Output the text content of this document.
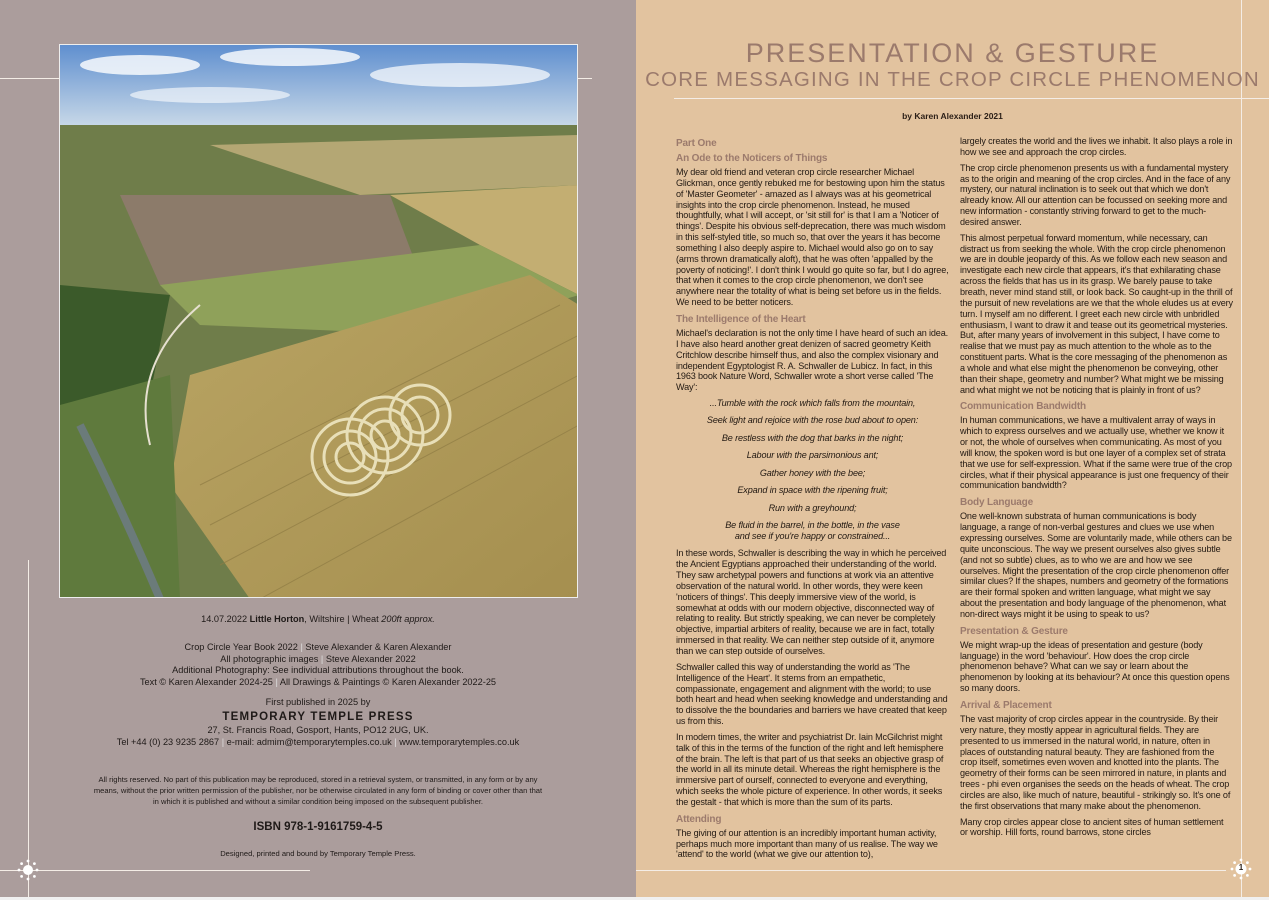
14.07.2022 Little Horton, Wiltshire | Wheat 200ft approx.
Crop Circle Year Book 2022 | Steve Alexander & Karen Alexander
All photographic images | Steve Alexander 2022
Additional Photography: See individual attributions throughout the book.
Text © Karen Alexander 2024-25 | All Drawings & Paintings © Karen Alexander 2022-25
First published in 2025 by
TEMPORARY TEMPLE PRESS
27, St. Francis Road, Gosport, Hants, PO12 2UG, UK.
Tel +44 (0) 23 9235 2867 | e-mail: admim@temporarytemples.co.uk | www.temporarytemples.co.uk
All rights reserved. No part of this publication may be reproduced, stored in a retrieval system, or transmitted, in any form or by any means, without the prior written permission of the publisher, nor be otherwise circulated in any form of binding or cover other than that in which it is published and without a similar condition being imposed on the subsequent publisher.
ISBN 978-1-9161759-4-5
Designed, printed and bound by Temporary Temple Press.
PRESENTATION & GESTURE
CORE MESSAGING IN THE CROP CIRCLE PHENOMENON
by Karen Alexander 2021
Part One
An Ode to the Noticers of Things

My dear old friend and veteran crop circle researcher Michael Glickman, once gently rebuked me for bestowing upon him the status of 'Master Geometer' - amazed as I always was at his geometrical insights into the crop circle phenomenon. Instead, he mused thoughtfully, what I will accept, or 'sit still for' is that I am a 'Noticer of things'. Despite his obvious self-deprecation, there was much wisdom in this self-styled title, so much so, that over the years it has become something I also deeply aspire to. Michael would also go on to say (arms thrown dramatically aloft), that he was often 'appalled by the poverty of noticing!'. I don't think I would go quite so far, but I do agree, that when it comes to the crop circle phenomenon, we don't see anywhere near the totality of what is being set before us in the fields. We need to be better noticers.

The Intelligence of the Heart

Michael's declaration is not the only time I have heard of such an idea. I have also heard another great denizen of sacred geometry Keith Critchlow describe himself thus, and also the complex visionary and independent Egyptologist R. A. Schwaller de Lubicz. In fact, in this 1963 book Nature Word, Schwaller wrote a short verse called 'The Way':

...Tumble with the rock which falls from the mountain,
Seek light and rejoice with the rose bud about to open:
Be restless with the dog that barks in the night;
Labour with the parsimonious ant;
Gather honey with the bee;
Expand in space with the ripening fruit;
Run with a greyhound;
Be fluid in the barrel, in the bottle, in the vase
and see if you're happy or constrained...

In these words, Schwaller is describing the way in which he perceived the Ancient Egyptians approached their understanding of the world. They saw archetypal powers and functions at work via an attentive observation of the natural world. In other words, they were keen 'noticers of things'. This deeply immersive view of the world, is somewhat at odds with our modern objective, disconnected way of relating to reality. But strictly speaking, we can never be completely objective, impartial arbiters of reality, because we are in fact, totally immersed in that reality. We can neither step outside of it, anymore than we can step outside of ourselves.

Schwaller called this way of understanding the world as 'The Intelligence of the Heart'. It stems from an empathetic, compassionate, engagement and alignment with the world; to use both heart and head when seeking knowledge and understanding and to dissolve the the boundaries and barriers we have created that keep us from this.

In modern times, the writer and psychiatrist Dr. Iain McGilchrist might talk of this in the terms of the function of the right and left hemisphere of the brain. The left is that part of us that seeks an objective grasp of the world in all its minute detail. Whereas the right hemisphere is the immersive part of ourself, connected to everyone and everything, which seeks the whole picture of experience. In other words, it seeks the gestalt - that which is more than the sum of its parts.

Attending

The giving of our attention is an incredibly important human activity, perhaps much more important than many of us realise. The way we 'attend' to the world (what we give our attention to),

largely creates the world and the lives we inhabit. It also plays a role in how we see and approach the crop circles.

The crop circle phenomenon presents us with a fundamental mystery as to the origin and meaning of the crop circles. And in the face of any mystery, our natural inclination is to seek out that which we don't already know. All our attention can be focussed on seeking more and new information - constantly striving forward to get to the much-desired answer.

This almost perpetual forward momentum, while necessary, can distract us from seeking the whole. With the crop circle phenomenon we are in double jeopardy of this. As we follow each new season and investigate each new circle that appears, it's that exhilarating chase across the fields that has us in its grasp. We barely pause to take breath, never mind stand still, or look back. So caught-up in the thrill of the pursuit of new revelations are we that the whole eludes us at every turn. I myself am no different. I greet each new circle with unbridled enthusiasm, I want to draw it and tease out its geometrical mysteries. But, after many years of involvement in this subject, I have come to realise that we must pay as much attention to the whole as to the constituent parts. What is the core messaging of the phenomenon as a whole and what else might the phenomenon be conveying, other than their shape, geometry and number? What might we be missing and what might we not be noticing that is plainly in front of us?

Communication Bandwidth

In human communications, we have a multivalent array of ways in which to express ourselves and we actually use, whether we know it or not, the whole of ourselves when communicating. As most of you will know, the spoken word is but one layer of a complex set of strata that we use for self-expression. What if the same were true of the crop circles, what if their physical appearance is just one frequency of their communication bandwidth?

Body Language

One well-known substrata of human communications is body language, a range of non-verbal gestures and clues we use when expressing ourselves. Some are voluntarily made, while others can be quite unconscious. The way we present ourselves also gives subtle (and not so subtle) clues, as to who we are and how we see ourselves. Might the presentation of the crop circle phenomenon offer similar clues? If the shapes, numbers and geometry of the formations are their formal spoken and written language, what might we say about the presentation and body language of the phenomenon, what non-direct ways might it be using to speak to us?

Presentation & Gesture

We might wrap-up the ideas of presentation and gesture (body language) in the word 'behaviour'. How does the crop circle phenomenon behave? What can we say or learn about the phenomenon by looking at its behaviour? At once this question opens so many doors.

Arrival & Placement

The vast majority of crop circles appear in the countryside. By their very nature, they mostly appear in agricultural fields. They are presented to us immersed in the natural world, in nature, often in places of outstanding natural beauty. They are fashioned from the crop itself, sometimes even woven and knotted into the plants. The geometry of their forms can be seen mirrored in nature, in plants and trees - phi even organises the seeds on the heads of wheat. The crop circles are also, like much of nature, beautiful - strikingly so. It's one of the first observations that many make about the phenomenon.

Many crop circles appear close to ancient sites of human settlement or worship. Hill forts, round barrows, stone circles

1
